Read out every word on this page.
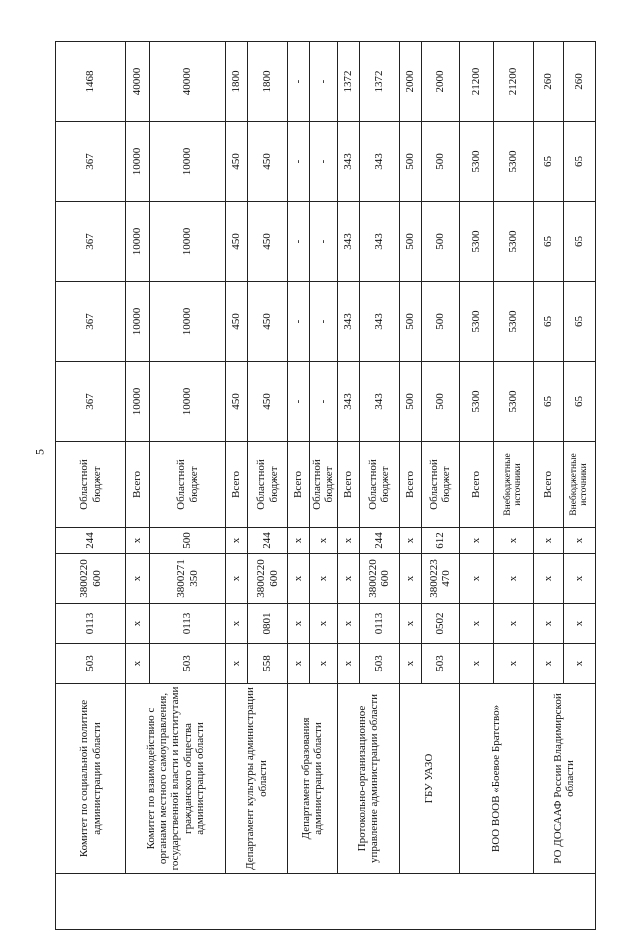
5
	Комитет по социальной политике администрации области	503	0113	3800220 600	244	Областной бюджет	367	367	367	367	1468
	Комитет по взаимодействию с органами местного самоуправления, государственной власти и институтами гражданского общества администрации области	х	х	х	х	Всего	10000	10000	10000	10000	40000
		503	0113	3800271 350	500	Областной бюджет	10000	10000	10000	10000	40000
	Департамент культуры администрации области	х	х	х	х	Всего	450	450	450	450	1800
		558	0801	3800220 600	244	Областной бюджет	450	450	450	450	1800
	Департамент образования администрации области	х	х	х	х	Всего	-	-	-	-	-
		х	х	х	х	Областной бюджет	-	-	-	-	-
	Протокольно-организационное управление администрации области	х	х	х	х	Всего	343	343	343	343	1372
		503	0113	3800220 600	244	Областной бюджет	343	343	343	343	1372
	ГБУ УАЗО	х	х	х	х	Всего	500	500	500	500	2000
		503	0502	3800223 470	612	Областной бюджет	500	500	500	500	2000
	ВОО ВООВ «Боевое Братство»	х	х	х	х	Всего	5300	5300	5300	5300	21200
		х	х	х	х	Внебюджетные источники	5300	5300	5300	5300	21200
	РО ДОСААФ России Владимирской области	х	х	х	х	Всего	65	65	65	65	260
		х	х	х	х	Внебюджетные источники	65	65	65	65	260
